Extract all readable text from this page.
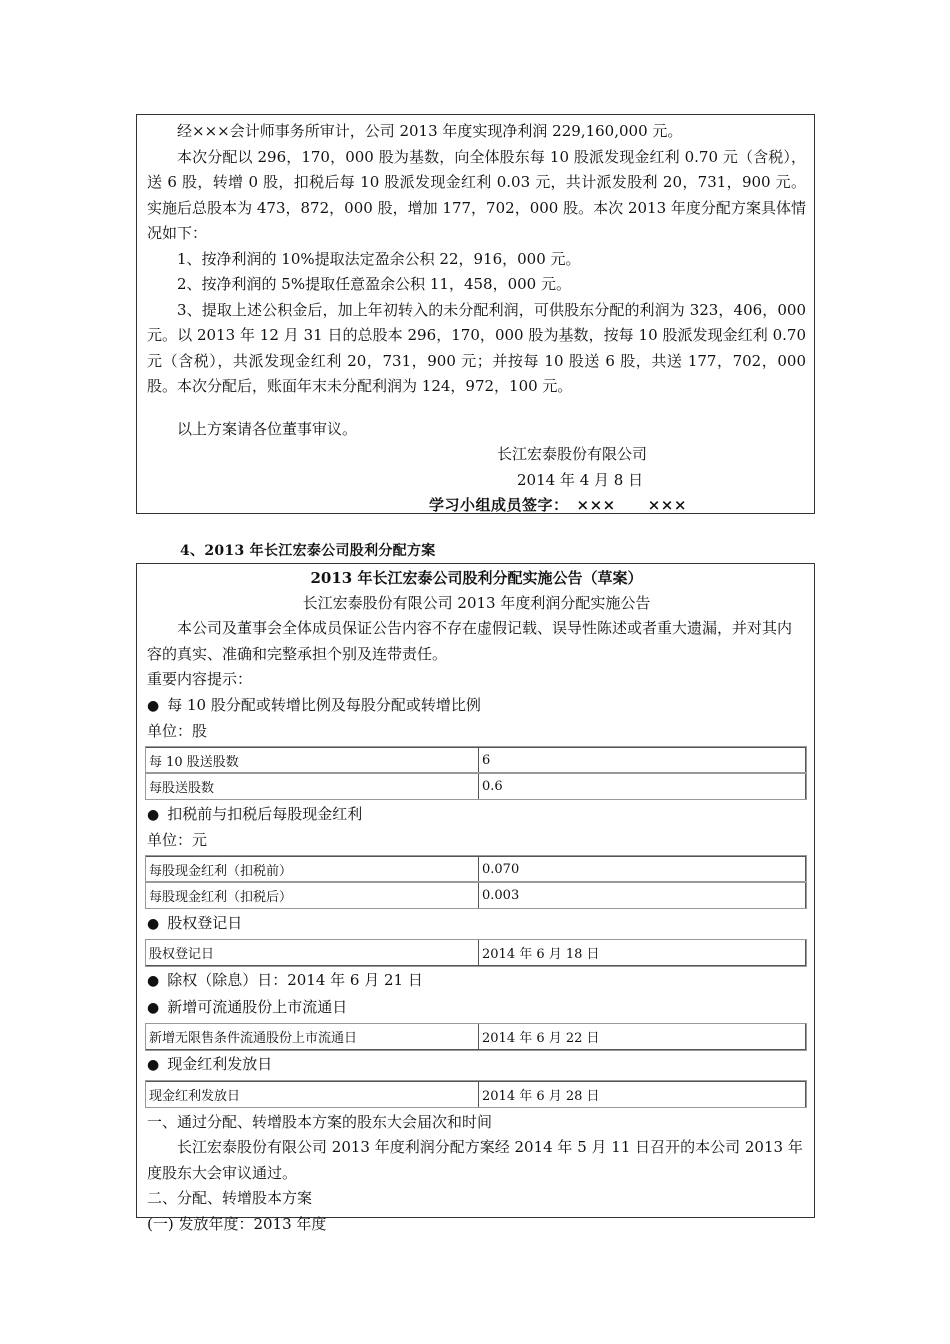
经×××会计师事务所审计，公司 2013 年度实现净利润 229,160,000 元。

本次分配以 296，170，000 股为基数，向全体股东每 10 股派发现金红利 0.70 元（含税），送 6 股，转增 0 股，扣税后每 10 股派发现金红利 0.03 元，共计派发股利 20，731，900 元。实施后总股本为 473，872，000 股，增加 177，702，000 股。本次 2013 年度分配方案具体情况如下：

1、按净利润的 10%提取法定盈余公积 22，916，000 元。

2、按净利润的 5%提取任意盈余公积 11，458，000 元。

3、提取上述公积金后，加上年初转入的未分配利润，可供股东分配的利润为 323，406，000 元。以 2013 年 12 月 31 日的总股本 296，170，000 股为基数，按每 10 股派发现金红利 0.70 元（含税），共派发现金红利 20，731，900 元；并按每 10 股送 6 股，共送 177，702，000 股。本次分配后，账面年末未分配利润为 124，972，100 元。

以上方案请各位董事审议。

长江宏泰股份有限公司

2014 年 4 月 8 日

学习小组成员签字： ××× ×××

4、2013 年长江宏泰公司股利分配方案

2013 年长江宏泰公司股利分配实施公告（草案）

长江宏泰股份有限公司 2013 年度利润分配实施公告

本公司及董事会全体成员保证公告内容不存在虚假记载、误导性陈述或者重大遗漏，并对其内容的真实、准确和完整承担个别及连带责任。

重要内容提示：

● 每 10 股分配或转增比例及每股分配或转增比例

单位：股

每 10 股送股数	6
每股送股数	0.6

● 扣税前与扣税后每股现金红利

单位：元

每股现金红利（扣税前）	0.070
每股现金红利（扣税后）	0.003

● 股权登记日

股权登记日	2014 年 6 月 18 日

● 除权（除息）日：2014 年 6 月 21 日

● 新增可流通股份上市流通日

新增无限售条件流通股份上市流通日	2014 年 6 月 22 日

● 现金红利发放日

现金红利发放日	2014 年 6 月 28 日

一、通过分配、转增股本方案的股东大会届次和时间

长江宏泰股份有限公司 2013 年度利润分配方案经 2014 年 5 月 11 日召开的本公司 2013 年度股东大会审议通过。

二、分配、转增股本方案

(一) 发放年度：2013 年度
